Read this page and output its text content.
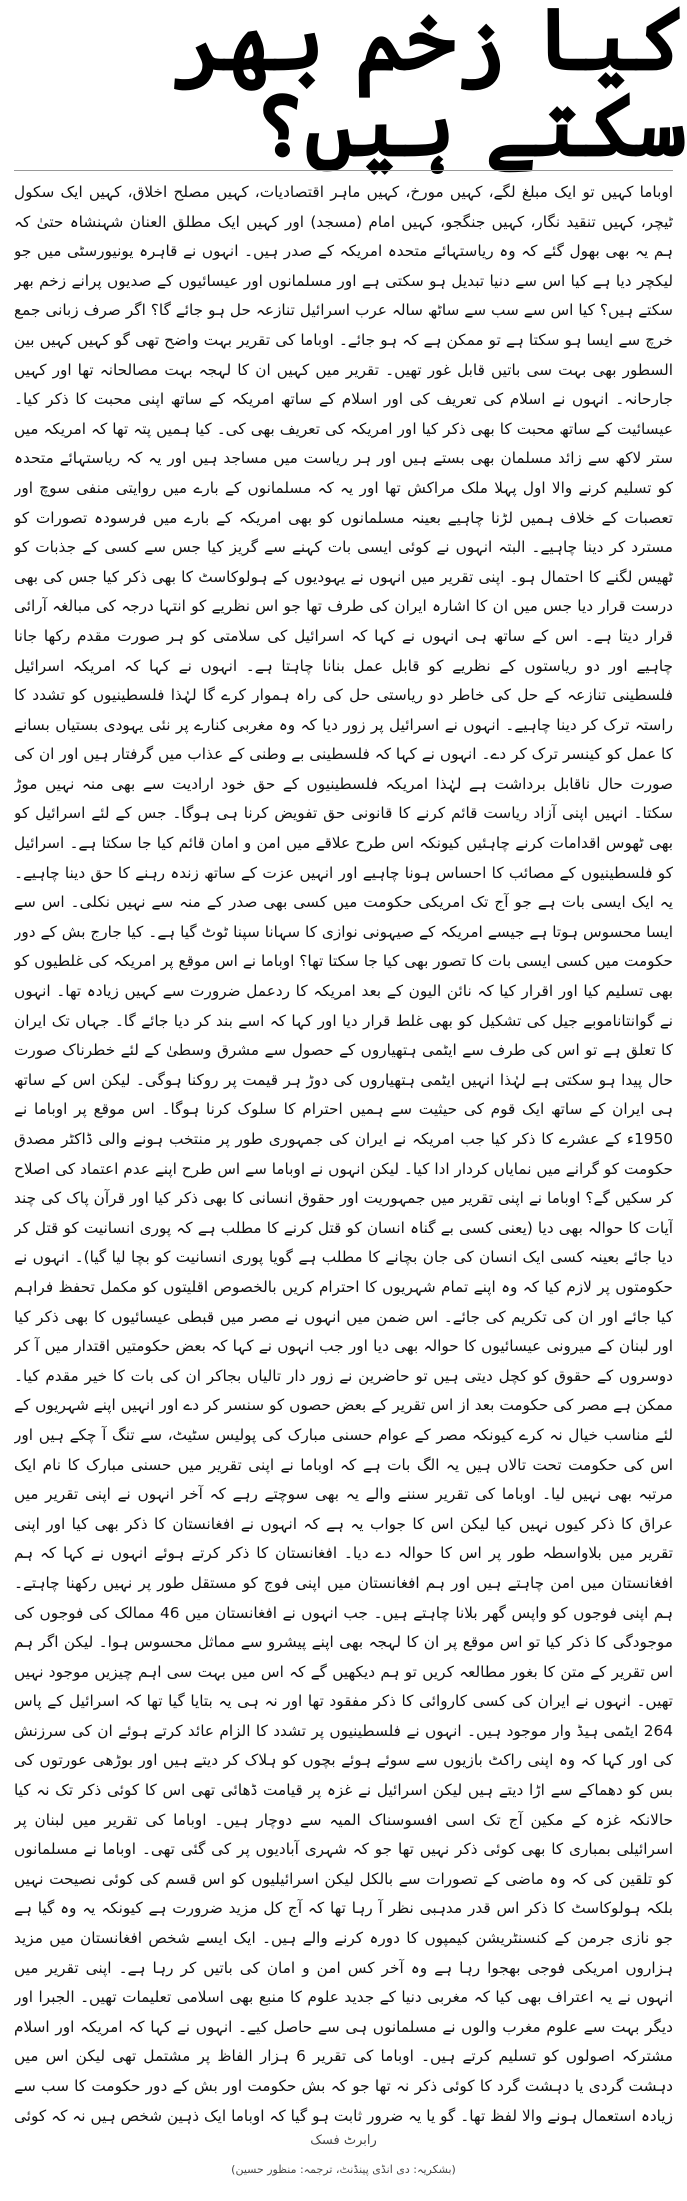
کیا زخم بھر سکتے ہیں؟

اوباما کہیں تو ایک مبلغ لگے، کہیں مورخ، کہیں ماہر اقتصادیات، کہیں مصلح اخلاق، کہیں ایک سکول ٹیچر، کہیں تنقید نگار، کہیں جنگجو، کہیں امام (مسجد) اور کہیں ایک مطلق العنان شہنشاہ حتیٰ کہ ہم یہ بھی بھول گئے کہ وہ ریاستہائے متحدہ امریکہ کے صدر ہیں۔ انہوں نے قاہرہ یونیورسٹی میں جو لیکچر دیا ہے کیا اس سے دنیا تبدیل ہو سکتی ہے اور مسلمانوں اور عیسائیوں کے صدیوں پرانے زخم بھر سکتے ہیں؟ کیا اس سے سب سے ساٹھ سالہ عرب اسرائیل تنازعہ حل ہو جائے گا؟ اگر صرف زبانی جمع خرچ سے ایسا ہو سکتا ہے تو ممکن ہے کہ ہو جائے۔ اوباما کی تقریر بہت واضح تھی گو کہیں کہیں بین السطور بھی بہت سی باتیں قابل غور تھیں۔ تقریر میں کہیں ان کا لہجہ بہت مصالحانہ تھا اور کہیں جارحانہ۔ انہوں نے اسلام کی تعریف کی اور اسلام کے ساتھ امریکہ کے ساتھ اپنی محبت کا ذکر کیا۔ عیسائیت کے ساتھ محبت کا بھی ذکر کیا اور امریکہ کی تعریف بھی کی۔ کیا ہمیں پتہ تھا کہ امریکہ میں ستر لاکھ سے زائد مسلمان بھی بستے ہیں اور ہر ریاست میں مساجد ہیں اور یہ کہ ریاستہائے متحدہ کو تسلیم کرنے والا اول پہلا ملک مراکش تھا اور یہ کہ مسلمانوں کے بارے میں روایتی منفی سوچ اور تعصبات کے خلاف ہمیں لڑنا چاہیے بعینہ مسلمانوں کو بھی امریکہ کے بارے میں فرسودہ تصورات کو مسترد کر دینا چاہیے۔ البتہ انہوں نے کوئی ایسی بات کہنے سے گریز کیا جس سے کسی کے جذبات کو ٹھیس لگنے کا احتمال ہو۔ اپنی تقریر میں انہوں نے یہودیوں کے ہولوکاسٹ کا بھی ذکر کیا جس کی بھی درست قرار دیا جس میں ان کا اشارہ ایران کی طرف تھا جو اس نظریے کو انتہا درجہ کی مبالغہ آرائی قرار دیتا ہے۔ اس کے ساتھ ہی انہوں نے کہا کہ اسرائیل کی سلامتی کو ہر صورت مقدم رکھا جانا چاہیے اور دو ریاستوں کے نظریے کو قابل عمل بنانا چاہتا ہے۔ انہوں نے کہا کہ امریکہ اسرائیل فلسطینی تنازعہ کے حل کی خاطر دو ریاستی حل کی راہ ہموار کرے گا لہٰذا فلسطینیوں کو تشدد کا راستہ ترک کر دینا چاہیے۔ انہوں نے اسرائیل پر زور دیا کہ وہ مغربی کنارے پر نئی یہودی بستیاں بسانے کا عمل کو کینسر ترک کر دے۔ انہوں نے کہا کہ فلسطینی بے وطنی کے عذاب میں گرفتار ہیں اور ان کی صورت حال ناقابل برداشت ہے لہٰذا امریکہ فلسطینیوں کے حق خود ارادیت سے بھی منہ نہیں موڑ سکتا۔ انہیں اپنی آزاد ریاست قائم کرنے کا قانونی حق تفویض کرنا ہی ہوگا۔ جس کے لئے اسرائیل کو بھی ٹھوس اقدامات کرنے چاہئیں کیونکہ اس طرح علاقے میں امن و امان قائم کیا جا سکتا ہے۔ اسرائیل کو فلسطینیوں کے مصائب کا احساس ہونا چاہیے اور انہیں عزت کے ساتھ زندہ رہنے کا حق دینا چاہیے۔ یہ ایک ایسی بات ہے جو آج تک امریکی حکومت میں کسی بھی صدر کے منہ سے نہیں نکلی۔ اس سے ایسا محسوس ہوتا ہے جیسے امریکہ کے صیہونی نوازی کا سہانا سپنا ٹوٹ گیا ہے۔ کیا جارج بش کے دور حکومت میں کسی ایسی بات کا تصور بھی کیا جا سکتا تھا؟ اوباما نے اس موقع پر امریکہ کی غلطیوں کو بھی تسلیم کیا اور اقرار کیا کہ نائن الیون کے بعد امریکہ کا ردعمل ضرورت سے کہیں زیادہ تھا۔ انہوں نے گوانتاناموبے جیل کی تشکیل کو بھی غلط قرار دیا اور کہا کہ اسے بند کر دیا جائے گا۔ جہاں تک ایران کا تعلق ہے تو اس کی طرف سے ایٹمی ہتھیاروں کے حصول سے مشرق وسطیٰ کے لئے خطرناک صورت حال پیدا ہو سکتی ہے لہٰذا انہیں ایٹمی ہتھیاروں کی دوڑ ہر قیمت پر روکنا ہوگی۔ لیکن اس کے ساتھ ہی ایران کے ساتھ ایک قوم کی حیثیت سے ہمیں احترام کا سلوک کرنا ہوگا۔ اس موقع پر اوباما نے 1950ء کے عشرے کا ذکر کیا جب امریکہ نے ایران کی جمہوری طور پر منتخب ہونے والی ڈاکٹر مصدق حکومت کو گرانے میں نمایاں کردار ادا کیا۔ لیکن انہوں نے اوباما سے اس طرح اپنے عدم اعتماد کی اصلاح کر سکیں گے؟ اوباما نے اپنی تقریر میں جمہوریت اور حقوق انسانی کا بھی ذکر کیا اور قرآن پاک کی چند آیات کا حوالہ بھی دیا (یعنی کسی بے گناہ انسان کو قتل کرنے کا مطلب ہے کہ پوری انسانیت کو قتل کر دیا جائے بعینہ کسی ایک انسان کی جان بچانے کا مطلب ہے گویا پوری انسانیت کو بچا لیا گیا)۔ انہوں نے حکومتوں پر لازم کیا کہ وہ اپنے تمام شہریوں کا احترام کریں بالخصوص اقلیتوں کو مکمل تحفظ فراہم کیا جائے اور ان کی تکریم کی جائے۔ اس ضمن میں انہوں نے مصر میں قبطی عیسائیوں کا بھی ذکر کیا اور لبنان کے میرونی عیسائیوں کا حوالہ بھی دیا اور جب انہوں نے کہا کہ بعض حکومتیں اقتدار میں آ کر دوسروں کے حقوق کو کچل دیتی ہیں تو حاضرین نے زور دار تالیاں بجاکر ان کی بات کا خیر مقدم کیا۔ ممکن ہے مصر کی حکومت بعد از اس تقریر کے بعض حصوں کو سنسر کر دے اور انہیں اپنے شہریوں کے لئے مناسب خیال نہ کرے کیونکہ مصر کے عوام حسنی مبارک کی پولیس سٹیٹ، سے تنگ آ چکے ہیں اور اس کی حکومت تحت تالاں ہیں یہ الگ بات ہے کہ اوباما نے اپنی تقریر میں حسنی مبارک کا نام ایک مرتبہ بھی نہیں لیا۔ اوباما کی تقریر سننے والے یہ بھی سوچتے رہے کہ آخر انہوں نے اپنی تقریر میں عراق کا ذکر کیوں نہیں کیا لیکن اس کا جواب یہ ہے کہ انہوں نے افغانستان کا ذکر بھی کیا اور اپنی تقریر میں بلاواسطہ طور پر اس کا حوالہ دے دیا۔ افغانستان کا ذکر کرتے ہوئے انہوں نے کہا کہ ہم افغانستان میں امن چاہتے ہیں اور ہم افغانستان میں اپنی فوج کو مستقل طور پر نہیں رکھنا چاہتے۔ ہم اپنی فوجوں کو واپس گھر بلانا چاہتے ہیں۔ جب انہوں نے افغانستان میں 46 ممالک کی فوجوں کی موجودگی کا ذکر کیا تو اس موقع پر ان کا لہجہ بھی اپنے پیشرو سے مماثل محسوس ہوا۔ لیکن اگر ہم اس تقریر کے متن کا بغور مطالعہ کریں تو ہم دیکھیں گے کہ اس میں بہت سی اہم چیزیں موجود نہیں تھیں۔ انہوں نے ایران کی کسی کاروائی کا ذکر مفقود تھا اور نہ ہی یہ بتایا گیا تھا کہ اسرائیل کے پاس 264 ایٹمی ہیڈ وار موجود ہیں۔ انہوں نے فلسطینیوں پر تشدد کا الزام عائد کرتے ہوئے ان کی سرزنش کی اور کہا کہ وہ اپنی راکٹ بازیوں سے سوئے ہوئے بچوں کو ہلاک کر دیتے ہیں اور بوڑھی عورتوں کی بس کو دھماکے سے اڑا دیتے ہیں لیکن اسرائیل نے غزہ پر قیامت ڈھائی تھی اس کا کوئی ذکر تک نہ کیا حالانکہ غزہ کے مکین آج تک اسی افسوسناک المیہ سے دوچار ہیں۔ اوباما کی تقریر میں لبنان پر اسرائیلی بمباری کا بھی کوئی ذکر نہیں تھا جو کہ شہری آبادیوں پر کی گئی تھی۔ اوباما نے مسلمانوں کو تلقین کی کہ وہ ماضی کے تصورات سے بالکل لیکن اسرائیلیوں کو اس قسم کی کوئی نصیحت نہیں بلکہ ہولوکاسٹ کا ذکر اس قدر مدہبی نظر آ رہا تھا کہ آج کل مزید ضرورت ہے کیونکہ یہ وہ گیا ہے جو نازی جرمن کے کنسنٹریشن کیمپوں کا دورہ کرنے والے ہیں۔ ایک ایسے شخص افغانستان میں مزید ہزاروں امریکی فوجی بھجوا رہا ہے وہ آخر کس امن و امان کی باتیں کر رہا ہے۔ اپنی تقریر میں انہوں نے یہ اعتراف بھی کیا کہ مغربی دنیا کے جدید علوم کا منبع بھی اسلامی تعلیمات تھیں۔ الجبرا اور دیگر بہت سے علوم مغرب والوں نے مسلمانوں ہی سے حاصل کیے۔ انہوں نے کہا کہ امریکہ اور اسلام مشترکہ اصولوں کو تسلیم کرتے ہیں۔ اوباما کی تقریر 6 ہزار الفاظ پر مشتمل تھی لیکن اس میں دہشت گردی یا دہشت گرد کا کوئی ذکر نہ تھا جو کہ بش حکومت اور بش کے دور حکومت کا سب سے زیادہ استعمال ہونے والا لفظ تھا۔ گو یا یہ ضرور ثابت ہو گیا کہ اوباما ایک ذہین شخص ہیں نہ کہ کوئی

رابرٹ فسک
(بشکریہ: دی انڈی پینڈنٹ، ترجمہ: منظور حسین)
